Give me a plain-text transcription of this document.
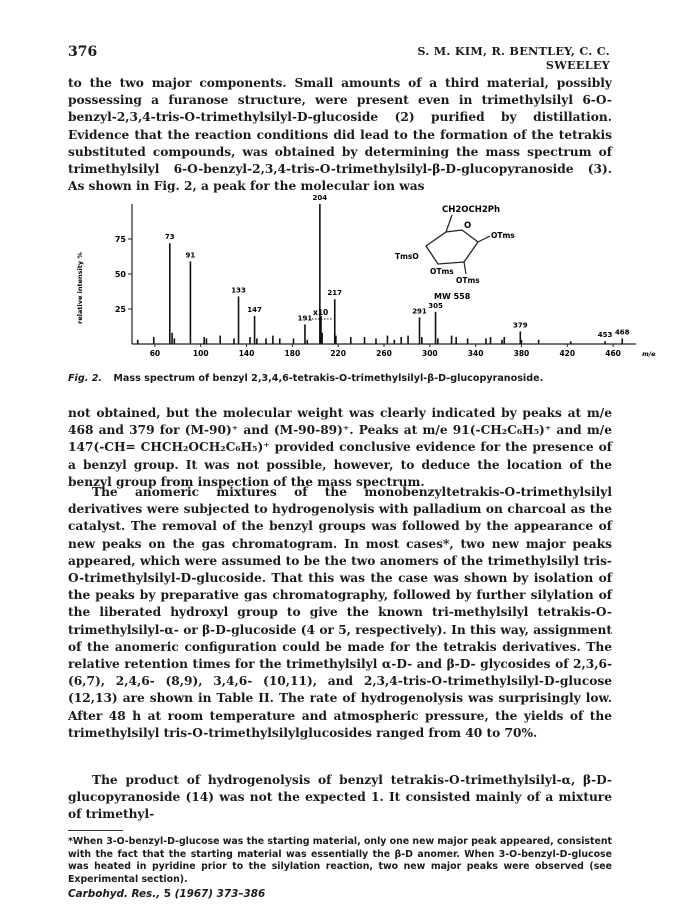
376	S. M. KIM, R. BENTLEY, C. C. SWEELEY

to the two major components. Small amounts of a third material, possibly possessing a furanose structure, were present even in trimethylsilyl 6-O-benzyl-2,3,4-tris-O-trimethylsilyl-D-glucoside (2) purified by distillation. Evidence that the reaction conditions did lead to the formation of the tetrakis substituted compounds, was obtained by determining the mass spectrum of trimethylsilyl 6-O-benzyl-2,3,4-tris-O-trimethylsilyl-β-D-glucopyranoside (3). As shown in Fig. 2, a peak for the molecular ion was

25
50
75
60	100	140	180	220	260	300	340	380	420	460	m/e
relative intensity %
73
91
133
147
191
204
217
291
305
379
453 468
CH2OCH2Ph
O
OTms
TmsO
OTms
OTms
MW 558
x10
Fig. 2. Mass spectrum of benzyl 2,3,4,6-tetrakis-O-trimethylsilyl-β-D-glucopyranoside.

not obtained, but the molecular weight was clearly indicated by peaks at m/e 468 and 379 for (M-90)⁺ and (M-90-89)⁺. Peaks at m/e 91(-CH₂C₆H₅)⁺ and m/e 147(-CH= CHCH₂OCH₂C₆H₅)⁺ provided conclusive evidence for the presence of a benzyl group. It was not possible, however, to deduce the location of the benzyl group from inspection of the mass spectrum.

The anomeric mixtures of the monobenzyltetrakis-O-trimethylsilyl derivatives were subjected to hydrogenolysis with palladium on charcoal as the catalyst. The removal of the benzyl groups was followed by the appearance of new peaks on the gas chromatogram. In most cases*, two new major peaks appeared, which were assumed to be the two anomers of the trimethylsilyl tris-O-trimethylsilyl-D-glucoside. That this was the case was shown by isolation of the peaks by preparative gas chromatography, followed by further silylation of the liberated hydroxyl group to give the known tri-methylsilyl tetrakis-O-trimethylsilyl-α- or β-D-glucoside (4 or 5, respectively). In this way, assignment of the anomeric configuration could be made for the tetrakis derivatives. The relative retention times for the trimethylsilyl α-D- and β-D- glycosides of 2,3,6- (6,7), 2,4,6- (8,9), 3,4,6- (10,11), and 2,3,4-tris-O-trimethylsilyl-D-glucose (12,13) are shown in Table II. The rate of hydrogenolysis was surprisingly low. After 48 h at room temperature and atmospheric pressure, the yields of the trimethylsilyl tris-O-trimethylsilylglucosides ranged from 40 to 70%.

The product of hydrogenolysis of benzyl tetrakis-O-trimethylsilyl-α, β-D-glucopyranoside (14) was not the expected 1. It consisted mainly of a mixture of trimethyl-

*When 3-O-benzyl-D-glucose was the starting material, only one new major peak appeared, consistent with the fact that the starting material was essentially the β-D anomer. When 3-O-benzyl-D-glucose was heated in pyridine prior to the silylation reaction, two new major peaks were observed (see Experimental section).

Carbohyd. Res., 5 (1967) 373–386
